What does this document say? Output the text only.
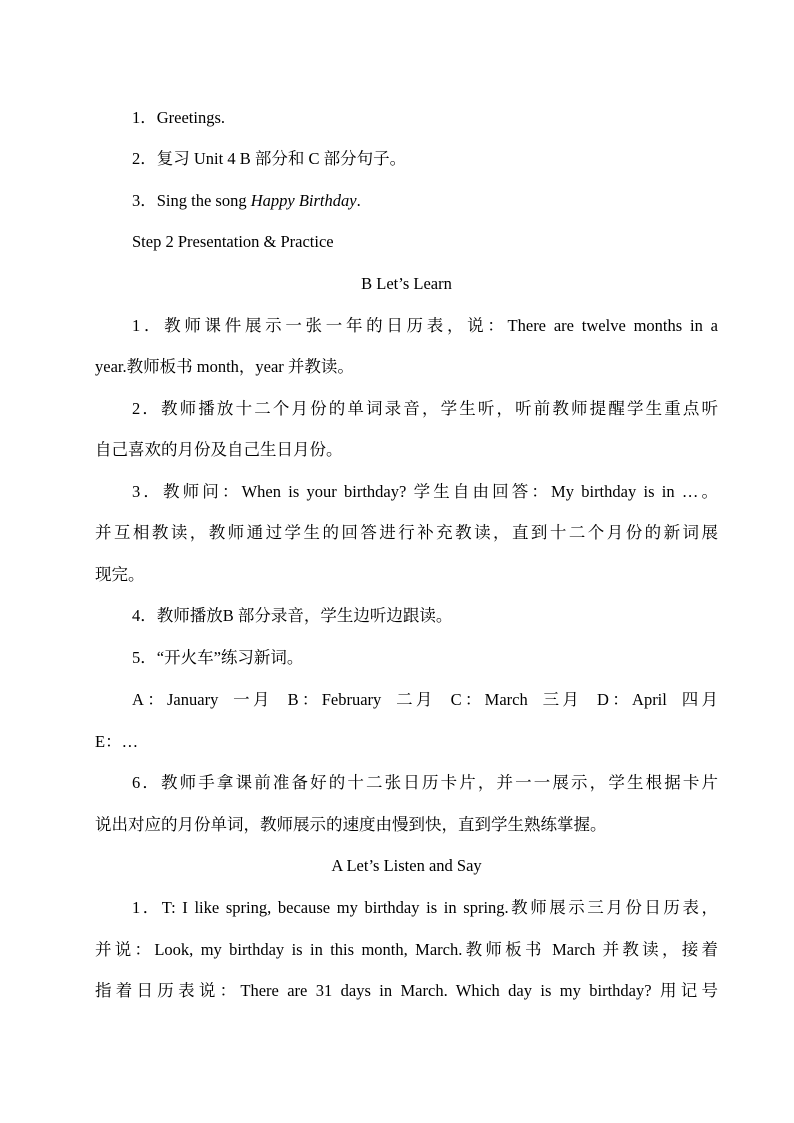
1．Greetings.
2．复习 Unit 4 B 部分和 C 部分句子。
3．Sing the song Happy Birthday.
Step 2 Presentation & Practice
B Let’s Learn
1．教师课件展示一张一年的日历表，说：There are twelve months in a
year.教师板书 month，year 并教读。
2．教师播放十二个月份的单词录音，学生听，听前教师提醒学生重点听
自己喜欢的月份及自己生日月份。
3．教师问：When is your birthday? 学生自由回答：My birthday is in …。
并互相教读，教师通过学生的回答进行补充教读，直到十二个月份的新词展
现完。
4．教师播放B 部分录音，学生边听边跟读。
5．“开火车”练习新词。
A：January  一月  B：February  二月  C：March  三月  D：April  四月
E：…
6．教师手拿课前准备好的十二张日历卡片，并一一展示，学生根据卡片
说出对应的月份单词，教师展示的速度由慢到快，直到学生熟练掌握。
A Let’s Listen and Say
1．T: I like spring, because my birthday is in spring.教师展示三月份日历表，
并说：Look, my birthday is in this month, March.教师板书 March 并教读，接着
指着日历表说：There are 31 days in March. Which day is my birthday? 用记号
